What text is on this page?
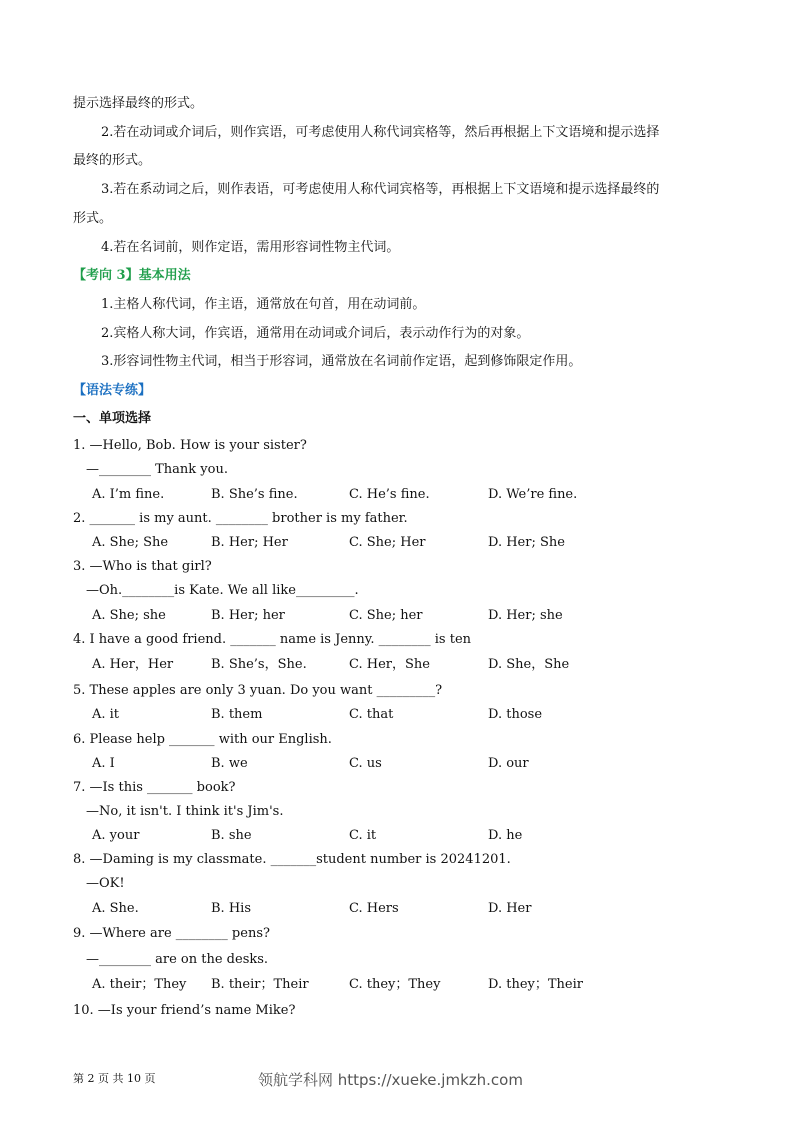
提示选择最终的形式。
2.若在动词或介词后，则作宾语，可考虑使用人称代词宾格等，然后再根据上下文语境和提示选择
最终的形式。
3.若在系动词之后，则作表语，可考虑使用人称代词宾格等，再根据上下文语境和提示选择最终的
形式。
4.若在名词前，则作定语，需用形容词性物主代词。
【考向 3】基本用法
1.主格人称代词，作主语，通常放在句首，用在动词前。
2.宾格人称大词，作宾语，通常用在动词或介词后，表示动作行为的对象。
3.形容词性物主代词，相当于形容词，通常放在名词前作定语，起到修饰限定作用。
【语法专练】
一、单项选择
1. —Hello, Bob. How is your sister?
—________ Thank you.
A. I’m fine.	B. She’s fine.	C. He’s fine.	D. We’re fine.
2. _______ is my aunt. ________ brother is my father.
A. She; She	B. Her; Her	C. She; Her	D. Her; She
3. —Who is that girl?
—Oh.________is Kate. We all like_________.
A. She; she	B. Her; her	C. She; her	D. Her; she
4. I have a good friend. _______ name is Jenny. ________ is ten
A. Her，Her	B. She’s，She.	C. Her，She	D. She，She
5. These apples are only 3 yuan. Do you want _________?
A. it	B. them	C. that	D. those
6. Please help _______ with our English.
A. I	B. we	C. us	D. our
7. —Is this _______ book?
—No, it isn't. I think it's Jim's.
A. your	B. she	C. it	D. he
8. —Daming is my classmate. _______student number is 20241201.
—OK!
A. She.	B. His	C. Hers	D. Her
9. —Where are ________ pens?
—________ are on the desks.
A. their；They B. their；Their	C. they；They	D. they；Their
10. —Is your friend’s name Mike?
第 2 页 共 10 页	领航学科网 https://xueke.jmkzh.com
